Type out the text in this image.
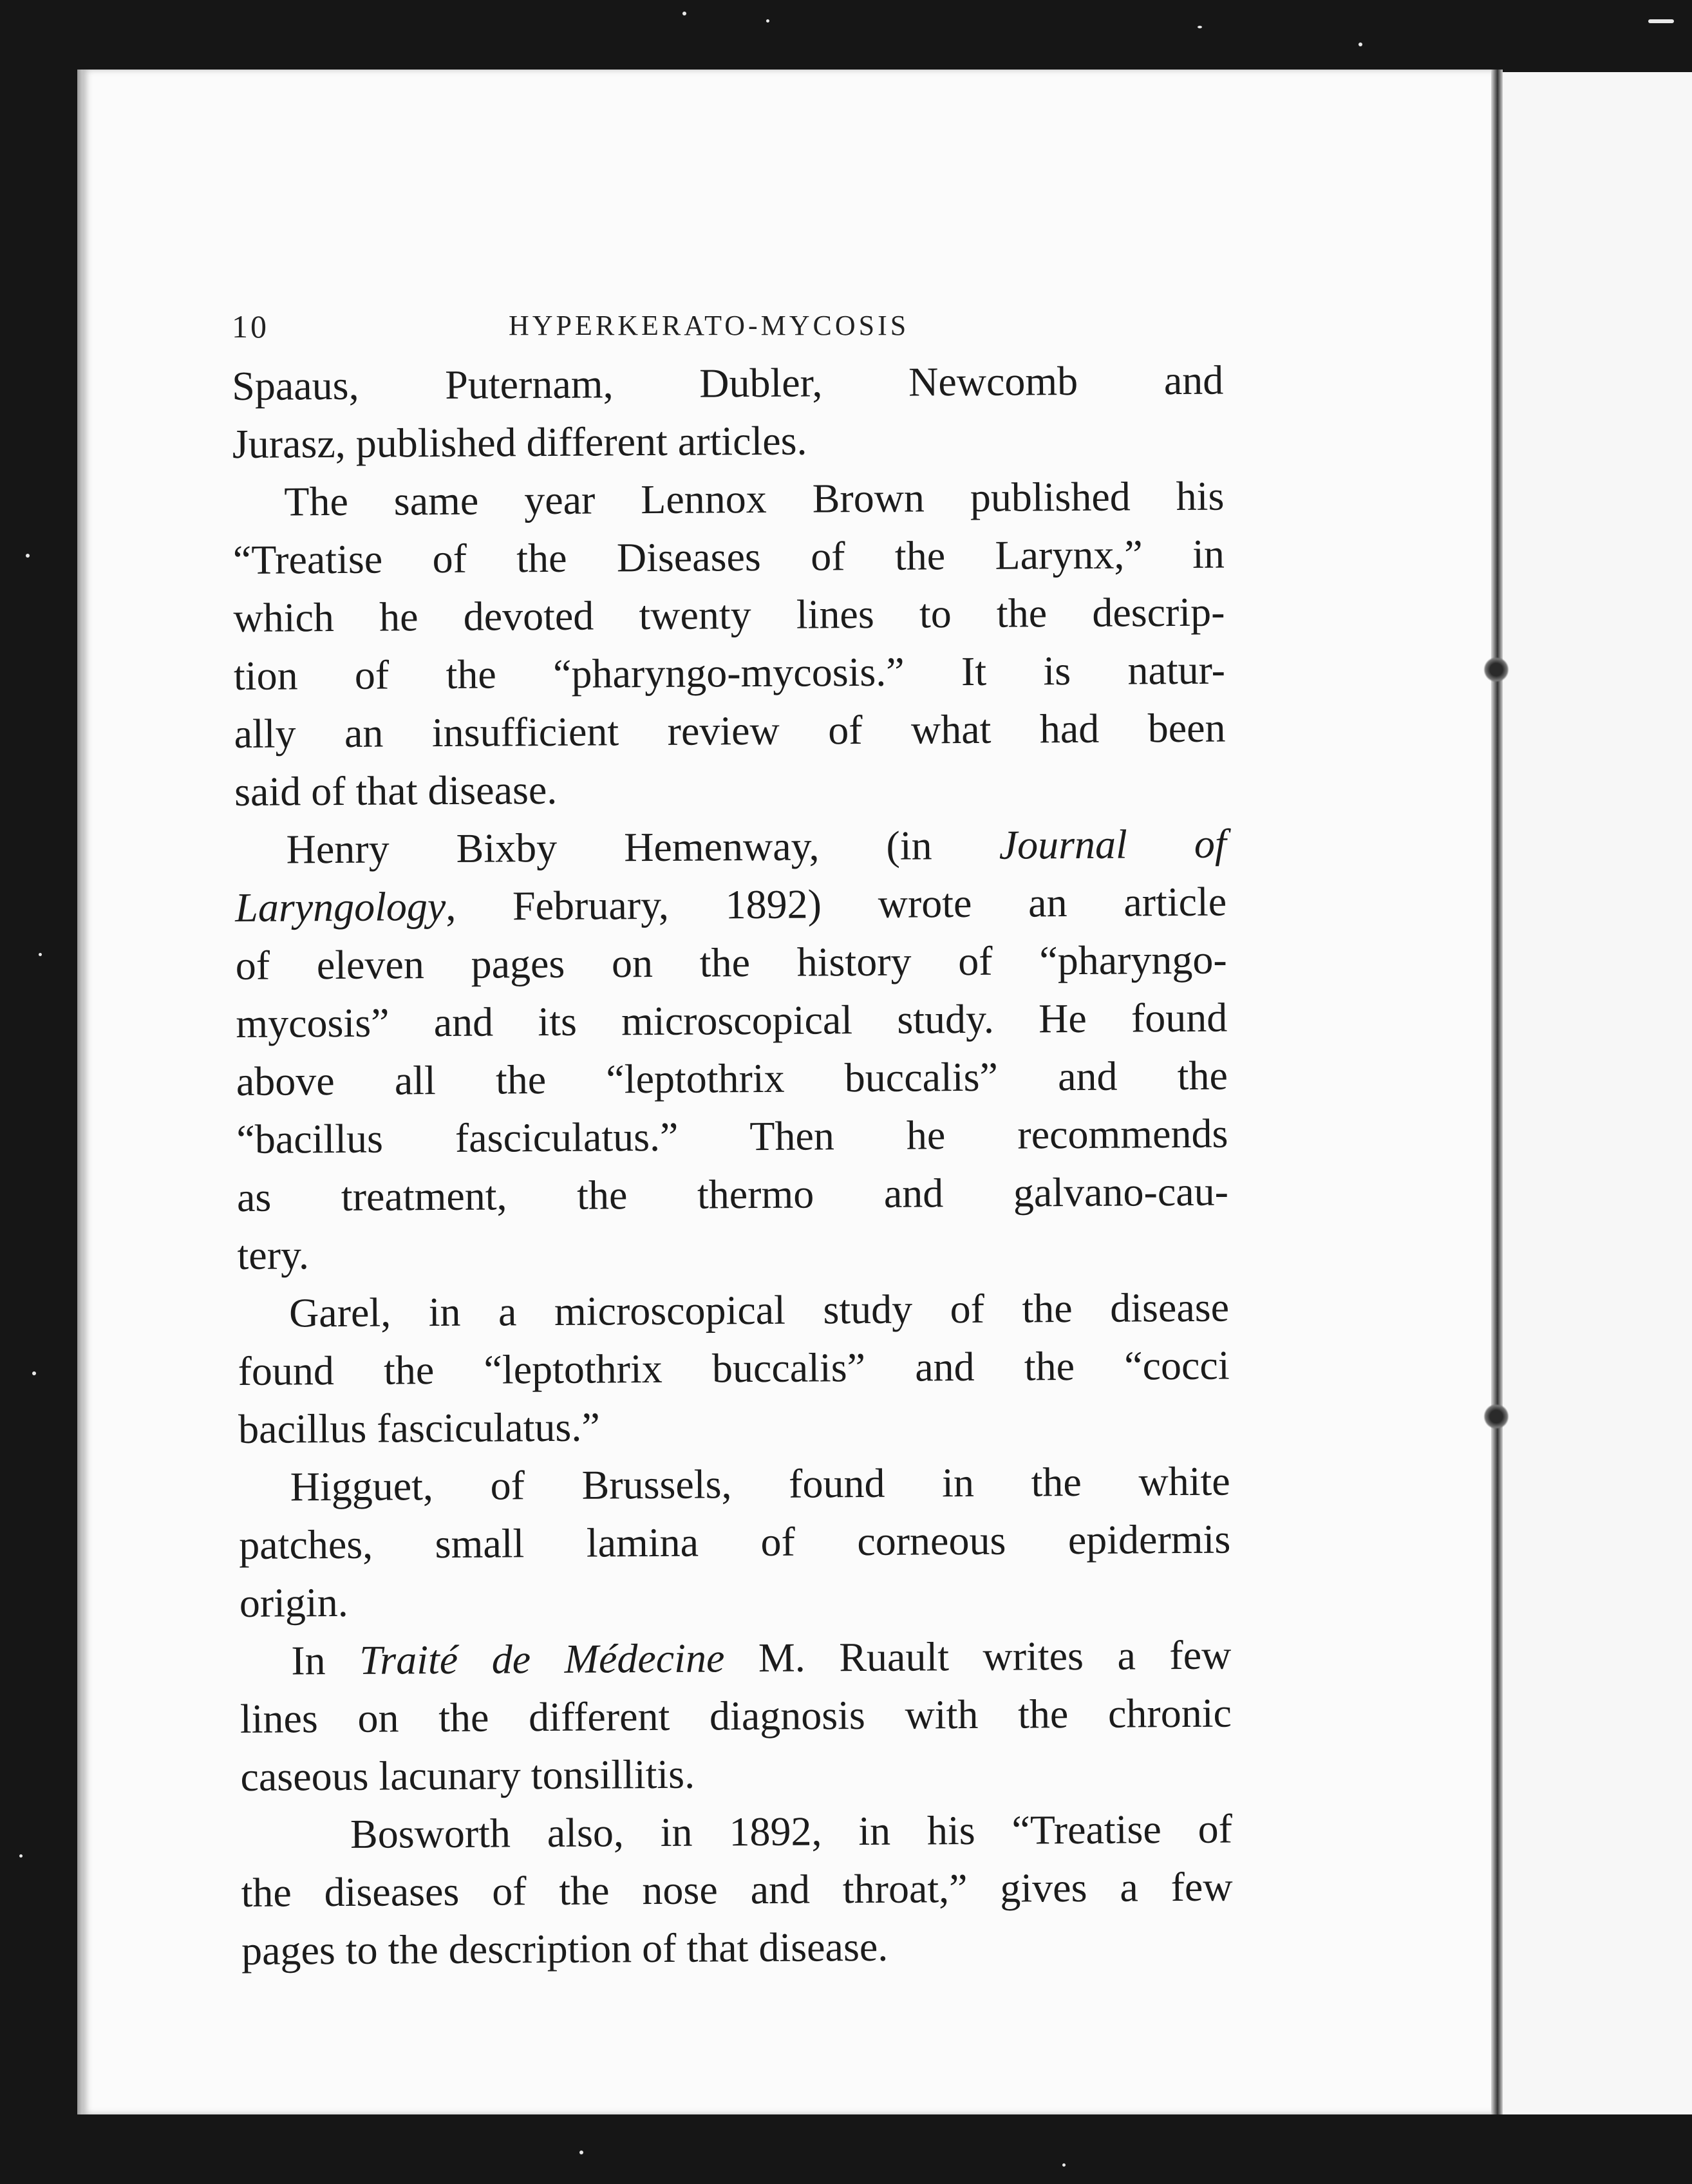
10	HYPERKERATO-MYCOSIS
Spaaus, Puternam, Dubler, Newcomb and
Jurasz, published different articles.
The same year Lennox Brown published his
“Treatise of the Diseases of the Larynx,” in
which he devoted twenty lines to the descrip-
tion of the “pharyngo-mycosis.” It is natur-
ally an insufficient review of what had been
said of that disease.
Henry Bixby Hemenway, (in Journal of
Laryngology, February, 1892) wrote an article
of eleven pages on the history of “pharyngo-
mycosis” and its microscopical study. He found
above all the “leptothrix buccalis” and the
“bacillus fasciculatus.” Then he recommends
as treatment, the thermo and galvano-cau-
tery.
Garel, in a microscopical study of the disease
found the “leptothrix buccalis” and the “cocci
bacillus fasciculatus.”
Higguet, of Brussels, found in the white
patches, small lamina of corneous epidermis
origin.
In Traité de Médecine M. Ruault writes a few
lines on the different diagnosis with the chronic
caseous lacunary tonsillitis.
Bosworth also, in 1892, in his “Treatise of
the diseases of the nose and throat,” gives a few
pages to the description of that disease.
